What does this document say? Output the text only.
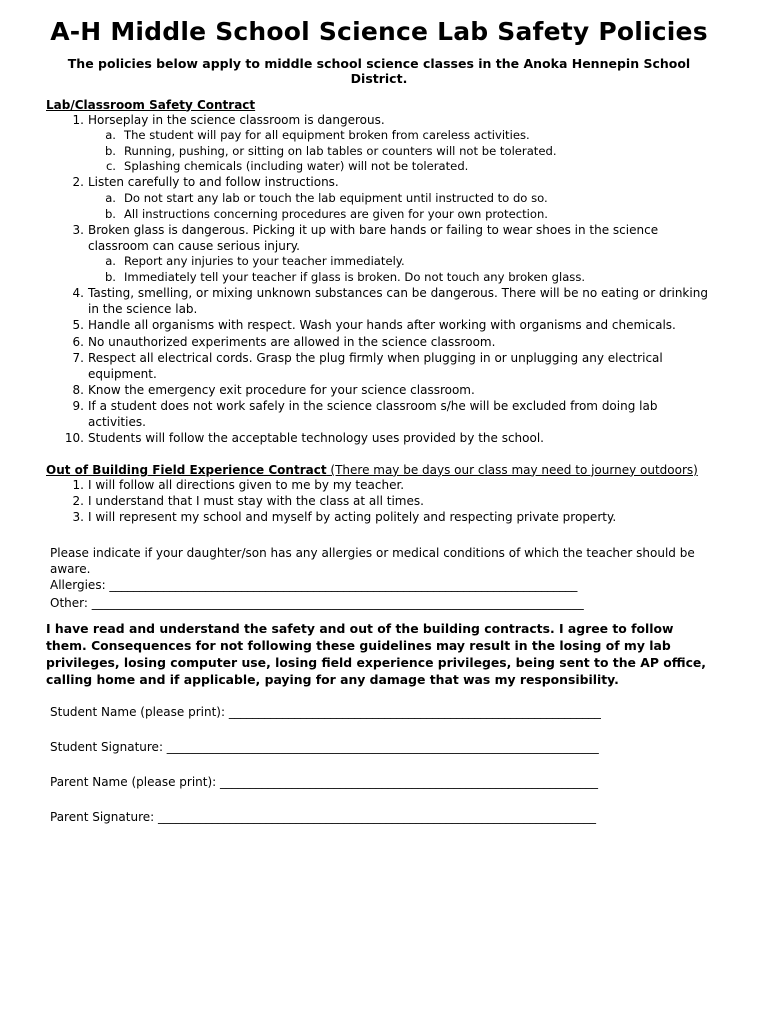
A-H Middle School Science Lab Safety Policies

The policies below apply to middle school science classes in the Anoka Hennepin School District.

Lab/Classroom Safety Contract
1. Horseplay in the science classroom is dangerous.
a. The student will pay for all equipment broken from careless activities.
b. Running, pushing, or sitting on lab tables or counters will not be tolerated.
c. Splashing chemicals (including water) will not be tolerated.
2. Listen carefully to and follow instructions.
a. Do not start any lab or touch the lab equipment until instructed to do so.
b. All instructions concerning procedures are given for your own protection.
3. Broken glass is dangerous. Picking it up with bare hands or failing to wear shoes in the science classroom can cause serious injury.
a. Report any injuries to your teacher immediately.
b. Immediately tell your teacher if glass is broken. Do not touch any broken glass.
4. Tasting, smelling, or mixing unknown substances can be dangerous. There will be no eating or drinking in the science lab.
5. Handle all organisms with respect. Wash your hands after working with organisms and chemicals.
6. No unauthorized experiments are allowed in the science classroom.
7. Respect all electrical cords. Grasp the plug firmly when plugging in or unplugging any electrical equipment.
8. Know the emergency exit procedure for your science classroom.
9. If a student does not work safely in the science classroom s/he will be excluded from doing lab activities.
10. Students will follow the acceptable technology uses provided by the school.
Out of Building Field Experience Contract (There may be days our class may need to journey outdoors)
1. I will follow all directions given to me by my teacher.
2. I understand that I must stay with the class at all times.
3. I will represent my school and myself by acting politely and respecting private property.

Please indicate if your daughter/son has any allergies or medical conditions of which the teacher should be aware.

Allergies: ______________________________________________________________________________

Other: __________________________________________________________________________________

I have read and understand the safety and out of the building contracts. I agree to follow them. Consequences for not following these guidelines may result in the losing of my lab privileges, losing computer use, losing field experience privileges, being sent to the AP office, calling home and if applicable, paying for any damage that was my responsibility.

Student Name (please print): ______________________________________________________________

Student Signature: ________________________________________________________________________

Parent Name (please print): _______________________________________________________________

Parent Signature: _________________________________________________________________________
